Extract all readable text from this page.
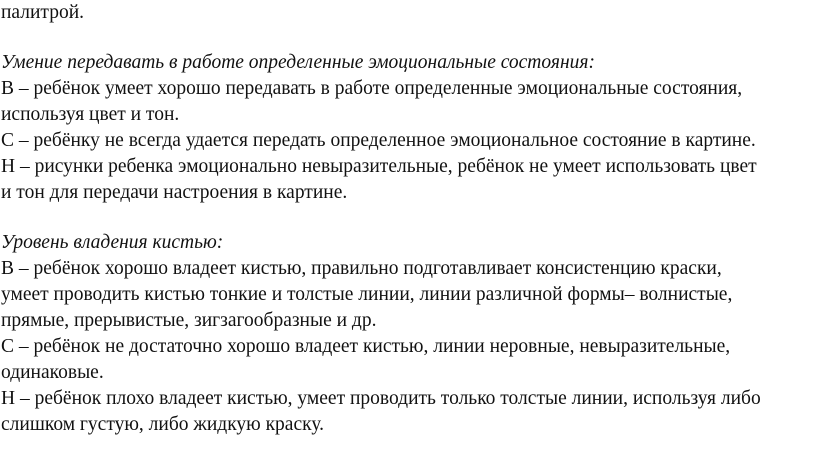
палитрой.
Умение передавать в работе определенные эмоциональные состояния:
В – ребёнок умеет хорошо передавать в работе определенные эмоциональные состояния,
используя цвет и тон.
С – ребёнку не всегда удается передать определенное эмоциональное состояние в картине.
Н – рисунки ребенка эмоционально невыразительные, ребёнок не умеет использовать цвет
и тон для передачи настроения в картине.
Уровень владения кистью:
В – ребёнок хорошо владеет кистью, правильно подготавливает консистенцию краски,
умеет проводить кистью тонкие и толстые линии, линии различной формы– волнистые,
прямые, прерывистые, зигзагообразные и др.
С – ребёнок не достаточно хорошо владеет кистью, линии неровные, невыразительные,
одинаковые.
Н – ребёнок плохо владеет кистью, умеет проводить только толстые линии, используя либо
слишком густую, либо жидкую краску.
